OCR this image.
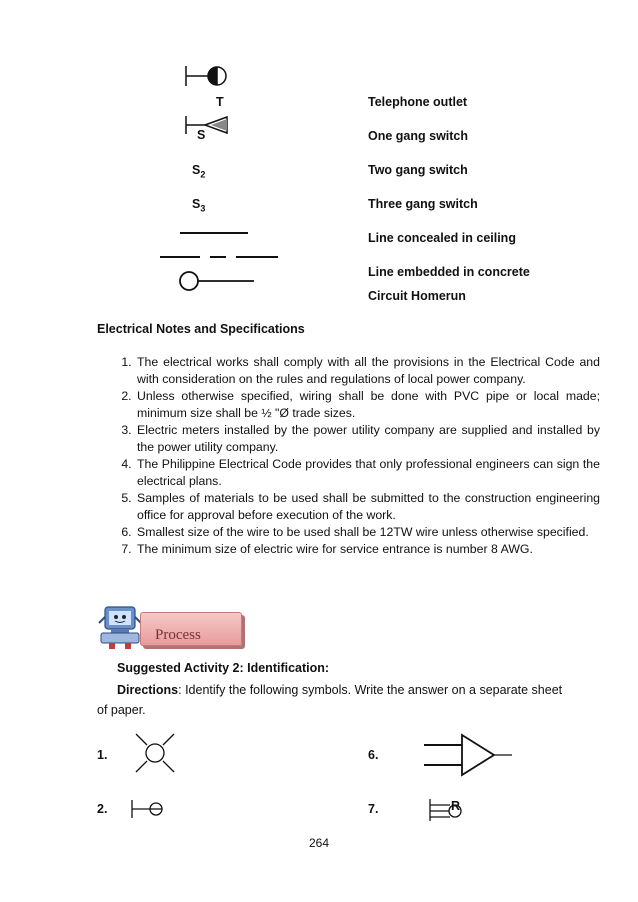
T	Telephone outlet
S	One gang switch
$S_2$	Two gang switch
$S_3$	Three gang switch
Line concealed in ceiling
Line embedded in concrete
Circuit Homerun
Electrical Notes and Specifications
1. The electrical works shall comply with all the provisions in the Electrical Code and with consideration on the rules and regulations of local power company.
2. Unless otherwise specified, wiring shall be done with PVC pipe or local made; minimum size shall be ½ "Ø trade sizes.
3. Electric meters installed by the power utility company are supplied and installed by the power utility company.
4. The Philippine Electrical Code provides that only professional engineers can sign the electrical plans.
5. Samples of materials to be used shall be submitted to the construction engineering office for approval before execution of the work.
6. Smallest size of the wire to be used shall be 12TW wire unless otherwise specified.
7. The minimum size of electric wire for service entrance is number 8 AWG.
Process
Suggested Activity 2: Identification:
Directions: Identify the following symbols. Write the answer on a separate sheet of paper.
1.	6.
2.	7.	R
264
